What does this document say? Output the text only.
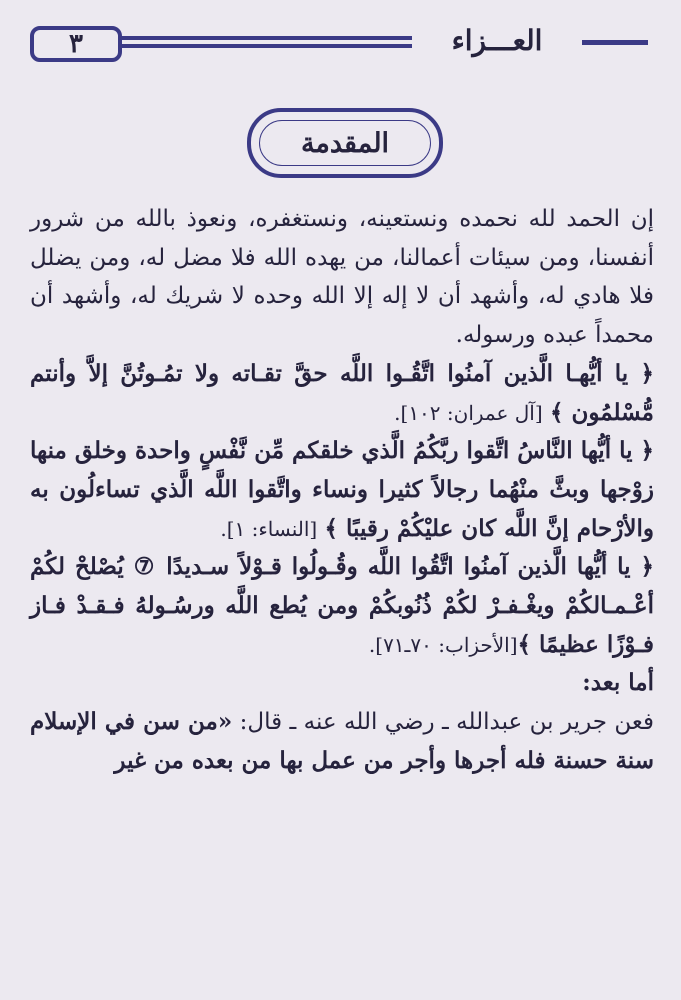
٣	العـــزاء
المقدمة

إن الحمد لله نحمده ونستعينه، ونستغفره، ونعوذ بالله من شرور أنفسنا، ومن سيئات أعمالنا، من يهده الله فلا مضل له، ومن يضلل فلا هادي له، وأشهد أن لا إله إلا الله وحده لا شريك له، وأشهد أن محمداً عبده ورسوله.

﴿ يا أيُّهـا الَّذين آمنُوا اتَّقُـوا اللَّه حقَّ تقـاته ولا تمُـوتُنَّ إلاَّ وأنتم مُّسْلمُون ﴾ [آل عمران: ١٠٢].

﴿ يا أيُّها النَّاسُ اتَّقوا ربَّكُمُ الَّذي خلقكم مِّن نَّفْسٍ واحدة وخلق منها زوْجها وبثَّ منْهُما رجالاً كثيرا ونساء واتَّقوا اللَّه الَّذي تساءلُون به والأرْحام إنَّ اللَّه كان عليْكُمْ رقيبًا ﴾ [النساء: ١].

﴿ يا أيُّها الَّذين آمنُوا اتَّقُوا اللَّه وقُـولُوا قـوْلاً سـديدًا ⑦ يُصْلحْ لكُمْ أعْـمـالكُمْ ويغْـفـرْ لكُمْ ذُنُوبكُمْ ومن يُطع اللَّه ورسُـولهُ فـقـدْ فـاز فـوْزًا عظيمًا ﴾[الأحزاب: ٧٠ـ٧١].

أما بعد:

فعن جرير بن عبدالله ـ رضي الله عنه ـ قال: «من سن في الإسلام سنة حسنة فله أجرها وأجر من عمل بها من بعده من غير
